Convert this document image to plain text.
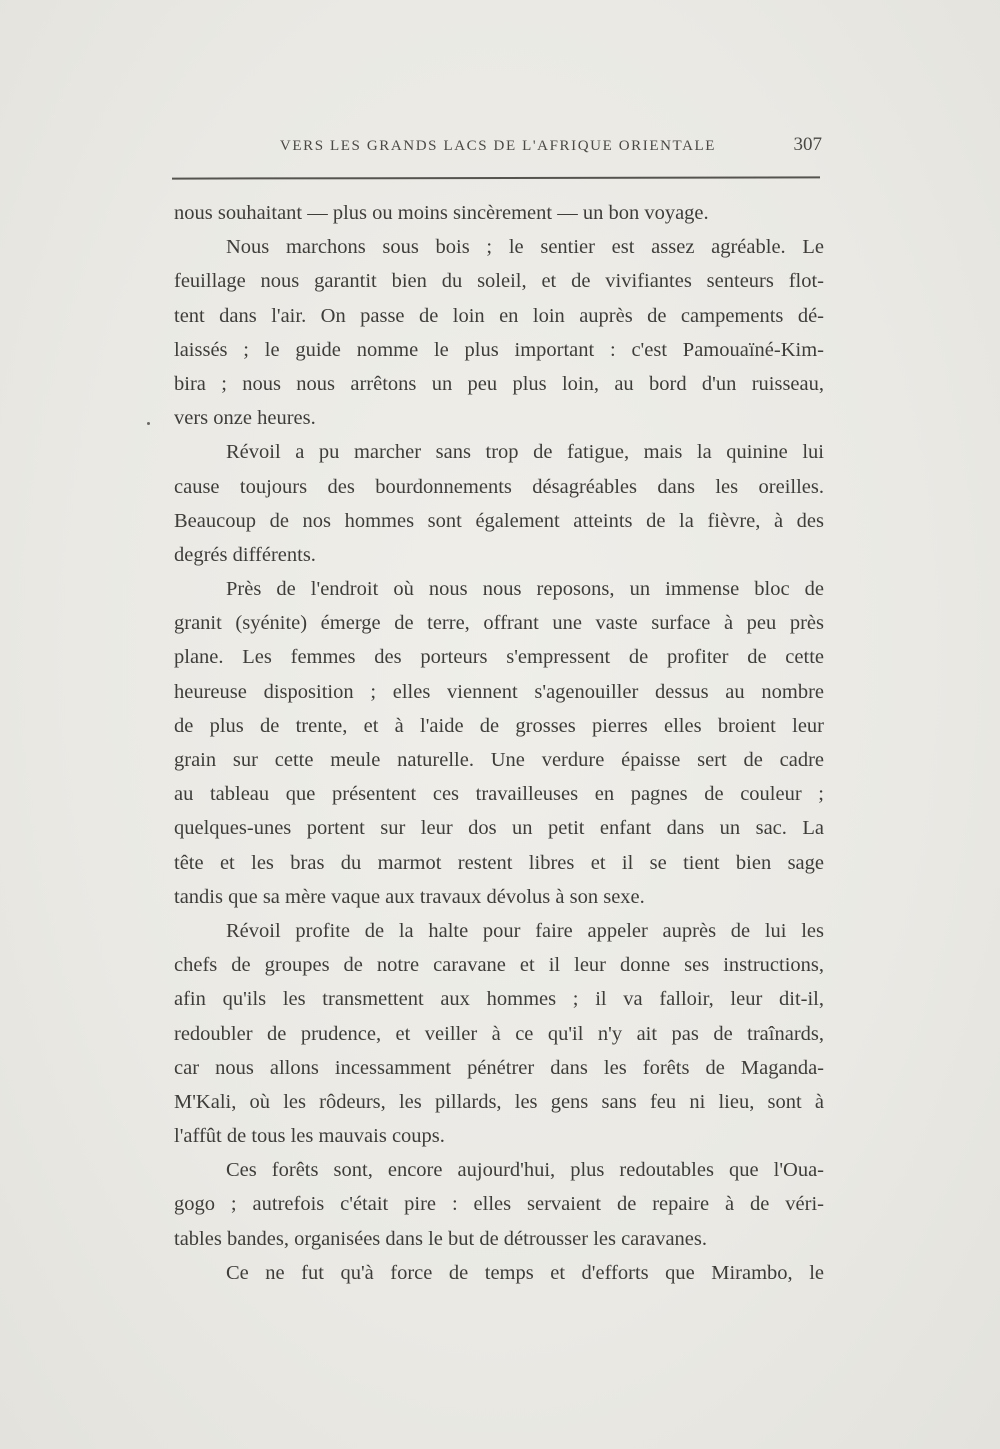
VERS LES GRANDS LACS DE L'AFRIQUE ORIENTALE	307
nous souhaitant — plus ou moins sincèrement — un bon voyage.
Nous marchons sous bois ; le sentier est assez agréable. Le
feuillage nous garantit bien du soleil, et de vivifiantes senteurs flot-
tent dans l'air. On passe de loin en loin auprès de campements dé-
laissés ; le guide nomme le plus important : c'est Pamouaïné-Kim-
bira ; nous nous arrêtons un peu plus loin, au bord d'un ruisseau,
vers onze heures.
Révoil a pu marcher sans trop de fatigue, mais la quinine lui
cause toujours des bourdonnements désagréables dans les oreilles.
Beaucoup de nos hommes sont également atteints de la fièvre, à des
degrés différents.
Près de l'endroit où nous nous reposons, un immense bloc de
granit (syénite) émerge de terre, offrant une vaste surface à peu près
plane. Les femmes des porteurs s'empressent de profiter de cette
heureuse disposition ; elles viennent s'agenouiller dessus au nombre
de plus de trente, et à l'aide de grosses pierres elles broient leur
grain sur cette meule naturelle. Une verdure épaisse sert de cadre
au tableau que présentent ces travailleuses en pagnes de couleur ;
quelques-unes portent sur leur dos un petit enfant dans un sac. La
tête et les bras du marmot restent libres et il se tient bien sage
tandis que sa mère vaque aux travaux dévolus à son sexe.
Révoil profite de la halte pour faire appeler auprès de lui les
chefs de groupes de notre caravane et il leur donne ses instructions,
afin qu'ils les transmettent aux hommes ; il va falloir, leur dit-il,
redoubler de prudence, et veiller à ce qu'il n'y ait pas de traînards,
car nous allons incessamment pénétrer dans les forêts de Maganda-
M'Kali, où les rôdeurs, les pillards, les gens sans feu ni lieu, sont à
l'affût de tous les mauvais coups.
Ces forêts sont, encore aujourd'hui, plus redoutables que l'Oua-
gogo ; autrefois c'était pire : elles servaient de repaire à de véri-
tables bandes, organisées dans le but de détrousser les caravanes.
Ce ne fut qu'à force de temps et d'efforts que Mirambo, le
